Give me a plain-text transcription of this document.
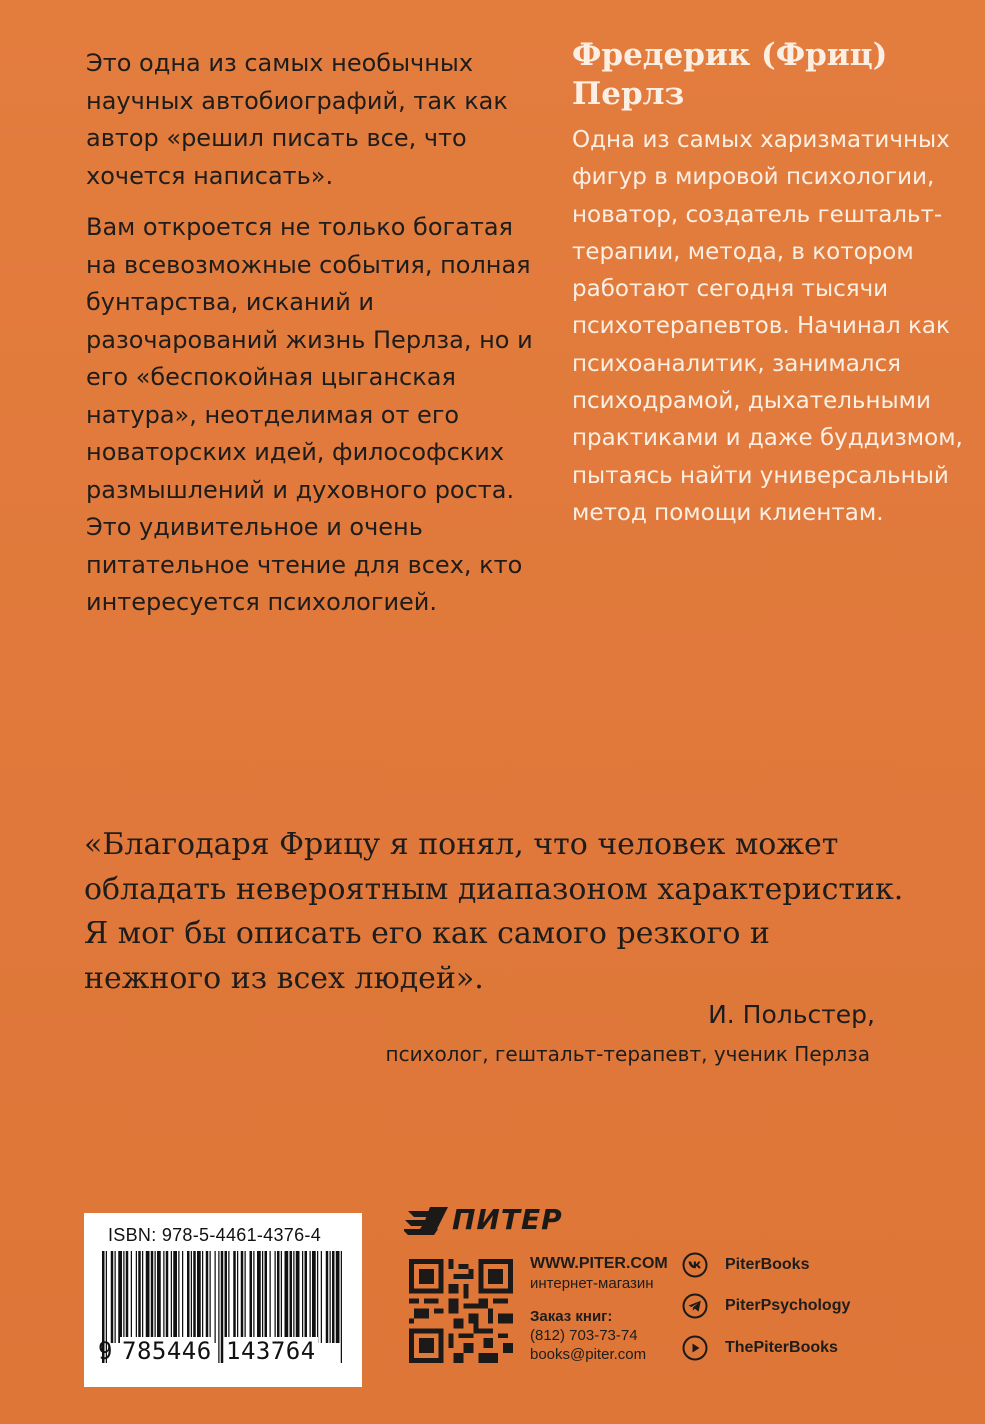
Это одна из самых необычных научных автобиографий, так как автор «решил писать все, что хочется написать».

Вам откроется не только богатая на всевозможные события, полная бунтарства, исканий и разочарований жизнь Перлза, но и его «беспокойная цыганская натура», неотделимая от его новаторских идей, философских размышлений и духовного роста. Это удивительное и очень питательное чтение для всех, кто интересуется психологией.

Фредерик (Фриц) Перлз

Одна из самых харизматичных фигур в мировой психологии, новатор, создатель гештальт-терапии, метода, в котором работают сегодня тысячи психотерапевтов. Начинал как психоаналитик, занимался психодрамой, дыхательными практиками и даже буддизмом, пытаясь найти универсальный метод помощи клиентам.

«Благодаря Фрицу я понял, что человек может обладать невероятным диапазоном характеристик. Я мог бы описать его как самого резкого и нежного из всех людей».

И. Польстер,

психолог, гештальт-терапевт, ученик Перлза

ISBN: 978-5-4461-4376-4
9 785446 143764
ПИТЕР
WWW.PITER.COM
интернет-магазин
Заказ книг:
(812) 703-73-74
books@piter.com
PiterBooks
PiterPsychology
ThePiterBooks
